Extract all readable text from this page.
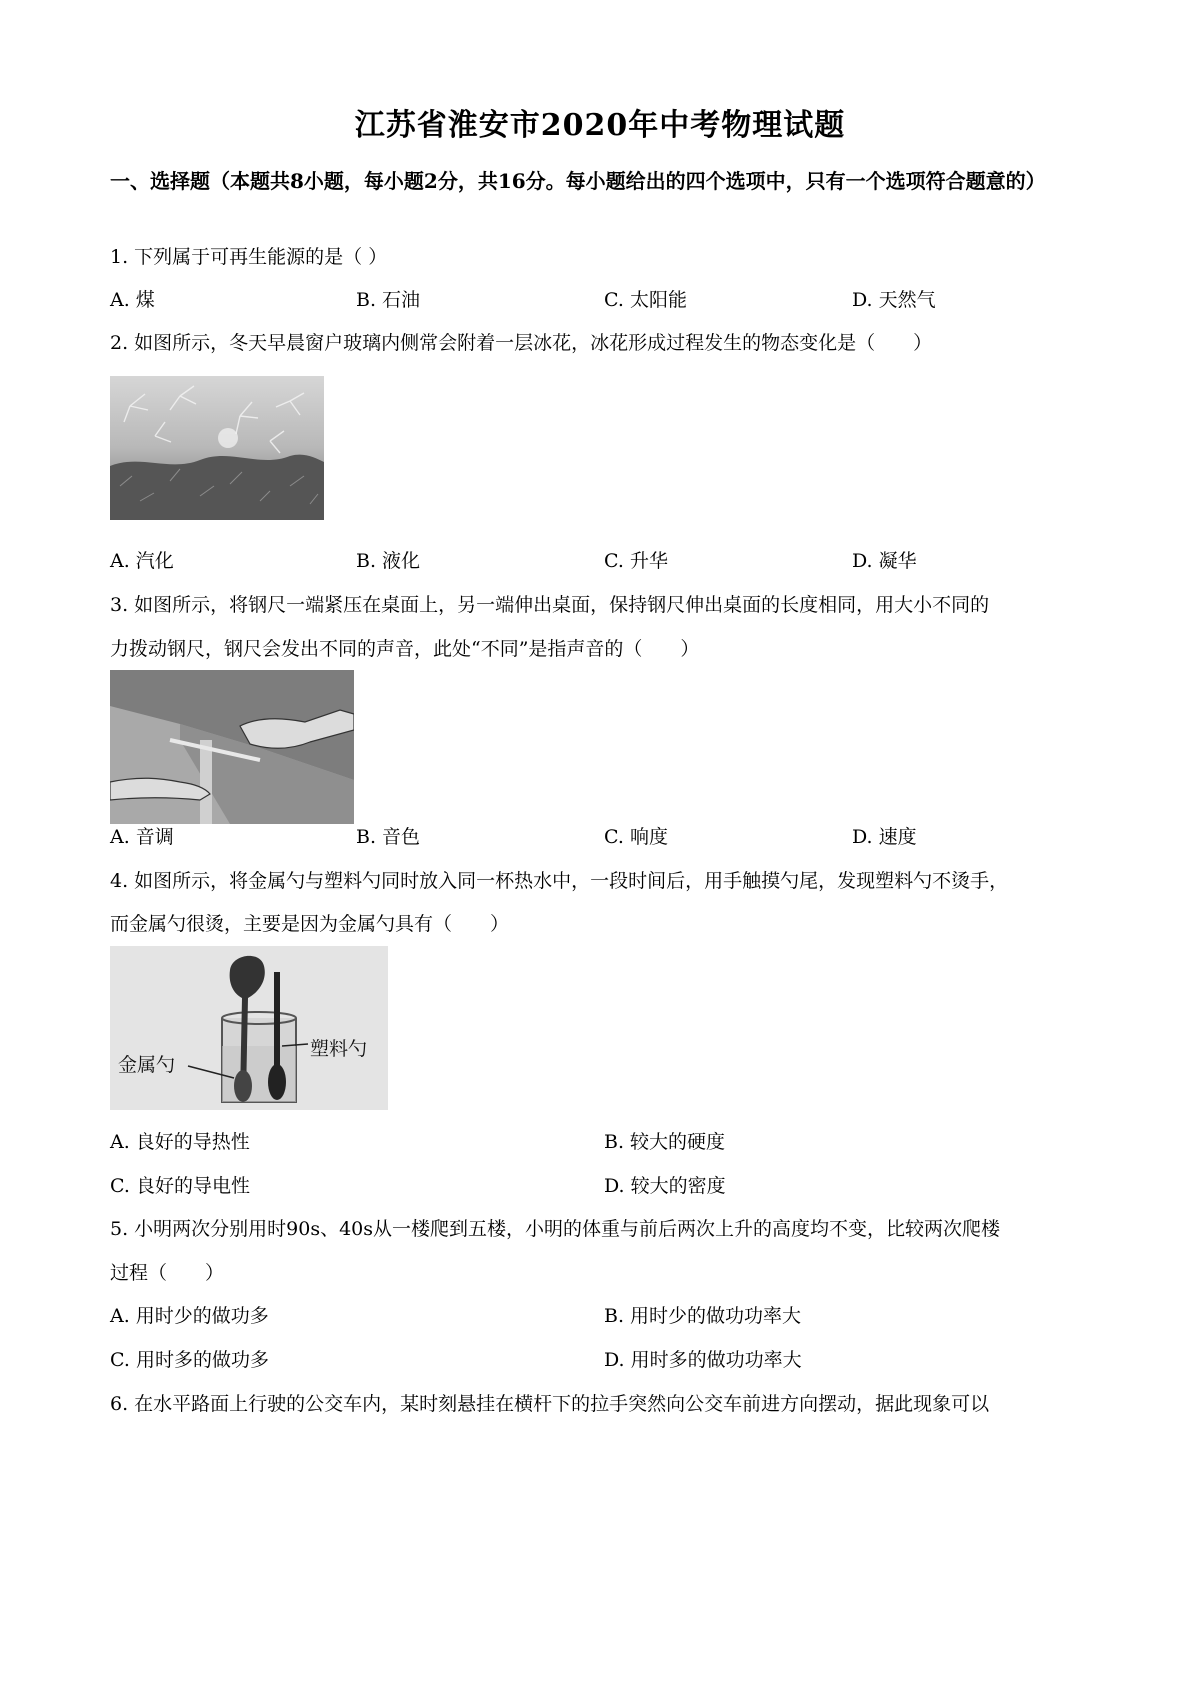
江苏省淮安市2020年中考物理试题
一、选择题（本题共8小题，每小题2分，共16分。每小题给出的四个选项中，只有一个选项符合题意的）
1. 下列属于可再生能源的是（ ）
A. 煤	B. 石油	C. 太阳能	D. 天然气
2. 如图所示，冬天早晨窗户玻璃内侧常会附着一层冰花，冰花形成过程发生的物态变化是（　　）
A. 汽化	B. 液化	C. 升华	D. 凝华
3. 如图所示，将钢尺一端紧压在桌面上，另一端伸出桌面，保持钢尺伸出桌面的长度相同，用大小不同的
力拨动钢尺，钢尺会发出不同的声音，此处“不同”是指声音的（　　）
A. 音调	B. 音色	C. 响度	D. 速度
4. 如图所示，将金属勺与塑料勺同时放入同一杯热水中，一段时间后，用手触摸勺尾，发现塑料勺不烫手，
而金属勺很烫，主要是因为金属勺具有（　　）
金属勺
塑料勺
A. 良好的导热性	B. 较大的硬度
C. 良好的导电性	D. 较大的密度
5. 小明两次分别用时90s、40s从一楼爬到五楼，小明的体重与前后两次上升的高度均不变，比较两次爬楼
过程（　　）
A. 用时少的做功多	B. 用时少的做功功率大
C. 用时多的做功多	D. 用时多的做功功率大
6. 在水平路面上行驶的公交车内，某时刻悬挂在横杆下的拉手突然向公交车前进方向摆动，据此现象可以
